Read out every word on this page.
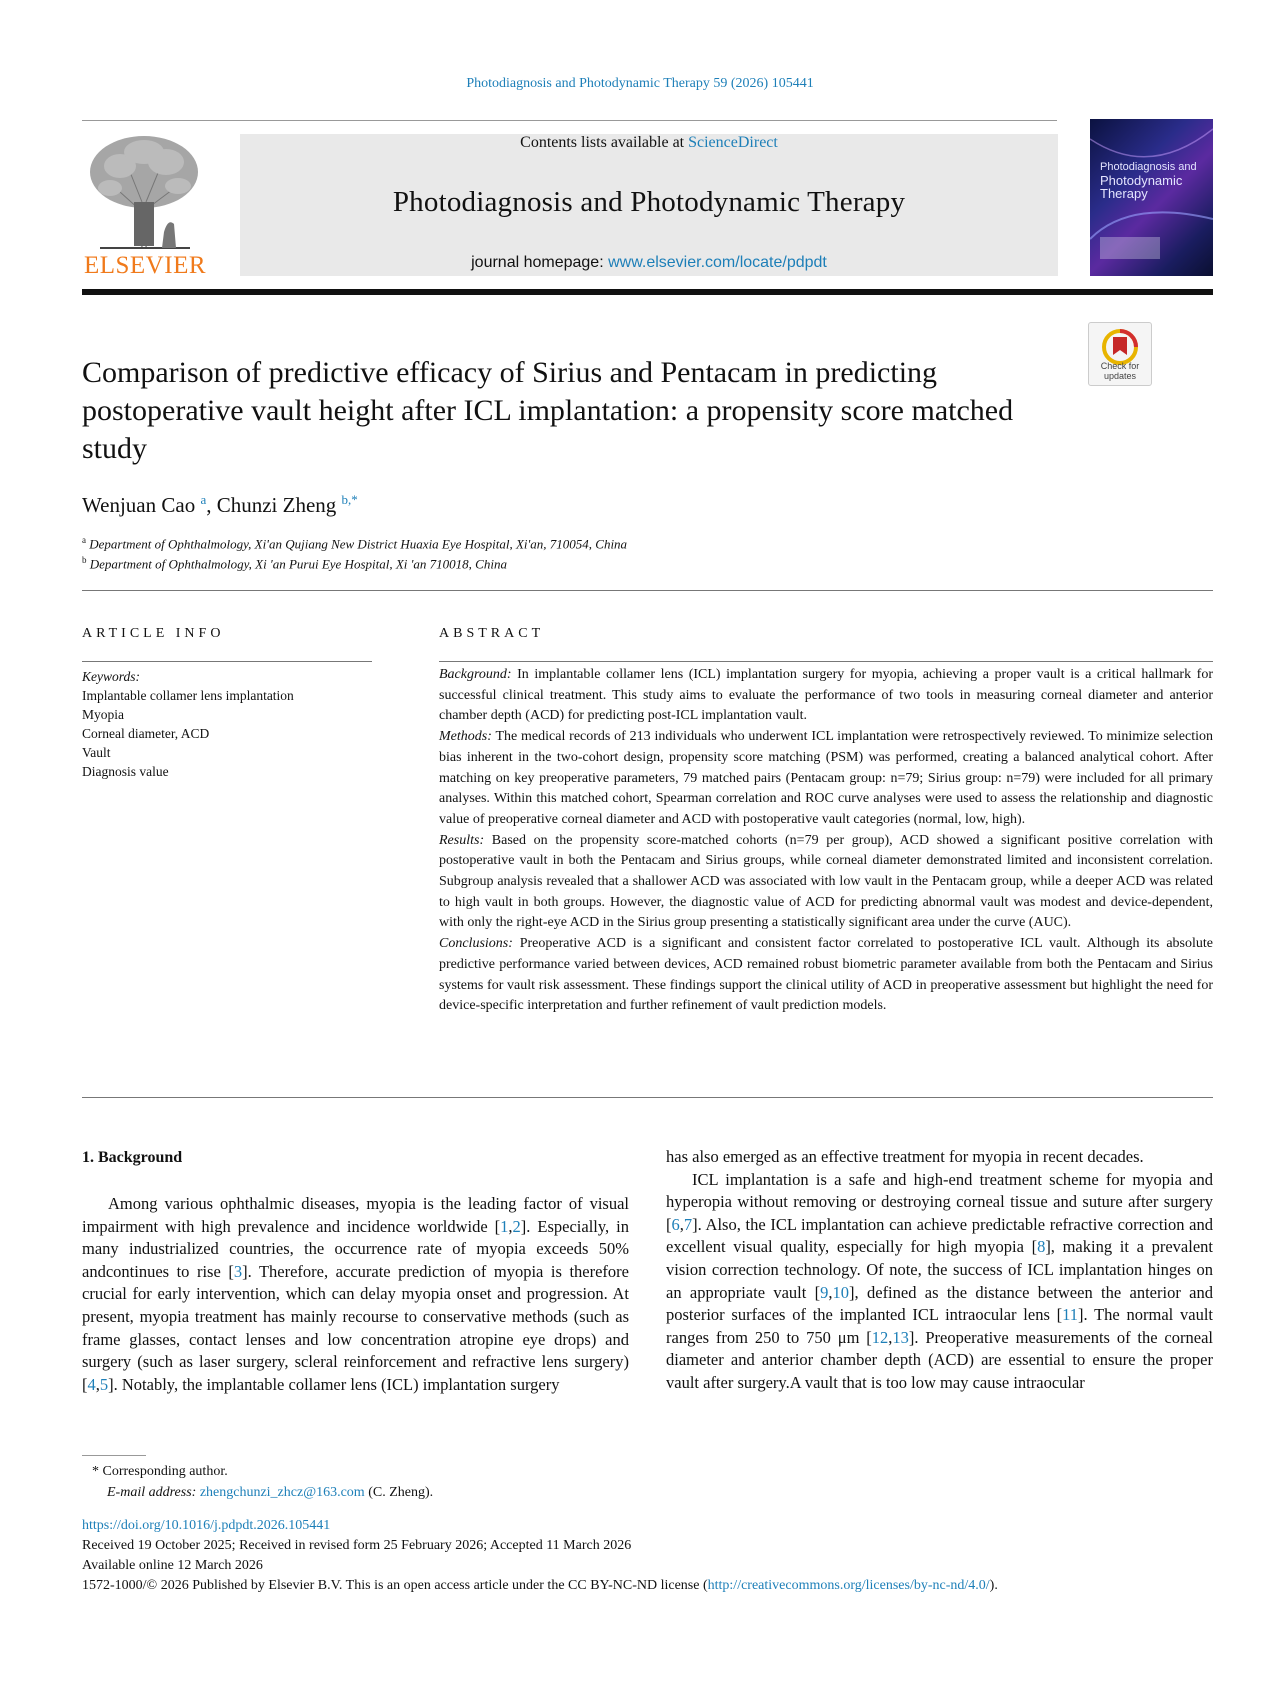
Photodiagnosis and Photodynamic Therapy 59 (2026) 105441
ELSEVIER
Contents lists available at ScienceDirect
Photodiagnosis and Photodynamic Therapy
journal homepage: www.elsevier.com/locate/pdpdt
Photodiagnosis and
Photodynamic
Therapy
Check for
updates
Comparison of predictive efficacy of Sirius and Pentacam in predicting postoperative vault height after ICL implantation: a propensity score matched study
Wenjuan Cao $^a$, Chunzi Zheng $^{b,*}$
$^a$ Department of Ophthalmology, Xi'an Qujiang New District Huaxia Eye Hospital, Xi'an, 710054, China
$^b$ Department of Ophthalmology, Xi 'an Purui Eye Hospital, Xi 'an 710018, China
ARTICLE INFO
Keywords:
Implantable collamer lens implantation
Myopia
Corneal diameter, ACD
Vault
Diagnosis value
ABSTRACT

Background: In implantable collamer lens (ICL) implantation surgery for myopia, achieving a proper vault is a critical hallmark for successful clinical treatment. This study aims to evaluate the performance of two tools in measuring corneal diameter and anterior chamber depth (ACD) for predicting post-ICL implantation vault.

Methods: The medical records of 213 individuals who underwent ICL implantation were retrospectively reviewed. To minimize selection bias inherent in the two-cohort design, propensity score matching (PSM) was performed, creating a balanced analytical cohort. After matching on key preoperative parameters, 79 matched pairs (Pentacam group: n=79; Sirius group: n=79) were included for all primary analyses. Within this matched cohort, Spearman correlation and ROC curve analyses were used to assess the relationship and diagnostic value of preoperative corneal diameter and ACD with postoperative vault categories (normal, low, high).

Results: Based on the propensity score-matched cohorts (n=79 per group), ACD showed a significant positive correlation with postoperative vault in both the Pentacam and Sirius groups, while corneal diameter demonstrated limited and inconsistent correlation. Subgroup analysis revealed that a shallower ACD was associated with low vault in the Pentacam group, while a deeper ACD was related to high vault in both groups. However, the diagnostic value of ACD for predicting abnormal vault was modest and device-dependent, with only the right-eye ACD in the Sirius group presenting a statistically significant area under the curve (AUC).

Conclusions: Preoperative ACD is a significant and consistent factor correlated to postoperative ICL vault. Although its absolute predictive performance varied between devices, ACD remained robust biometric parameter available from both the Pentacam and Sirius systems for vault risk assessment. These findings support the clinical utility of ACD in preoperative assessment but highlight the need for device-specific interpretation and further refinement of vault prediction models.

1. Background

Among various ophthalmic diseases, myopia is the leading factor of visual impairment with high prevalence and incidence worldwide [1,2]. Especially, in many industrialized countries, the occurrence rate of myopia exceeds 50% andcontinues to rise [3]. Therefore, accurate prediction of myopia is therefore crucial for early intervention, which can delay myopia onset and progression. At present, myopia treatment has mainly recourse to conservative methods (such as frame glasses, contact lenses and low concentration atropine eye drops) and surgery (such as laser surgery, scleral reinforcement and refractive lens surgery) [4,5]. Notably, the implantable collamer lens (ICL) implantation surgery

has also emerged as an effective treatment for myopia in recent decades.

ICL implantation is a safe and high-end treatment scheme for myopia and hyperopia without removing or destroying corneal tissue and suture after surgery [6,7]. Also, the ICL implantation can achieve predictable refractive correction and excellent visual quality, especially for high myopia [8], making it a prevalent vision correction technology. Of note, the success of ICL implantation hinges on an appropriate vault [9,10], defined as the distance between the anterior and posterior surfaces of the implanted ICL intraocular lens [11]. The normal vault ranges from 250 to 750 μm [12,13]. Preoperative measurements of the corneal diameter and anterior chamber depth (ACD) are essential to ensure the proper vault after surgery.A vault that is too low may cause intraocular

* Corresponding author.
E-mail address: zhengchunzi_zhcz@163.com (C. Zheng).
https://doi.org/10.1016/j.pdpdt.2026.105441
Received 19 October 2025; Received in revised form 25 February 2026; Accepted 11 March 2026
Available online 12 March 2026
1572-1000/© 2026 Published by Elsevier B.V. This is an open access article under the CC BY-NC-ND license (http://creativecommons.org/licenses/by-nc-nd/4.0/).
